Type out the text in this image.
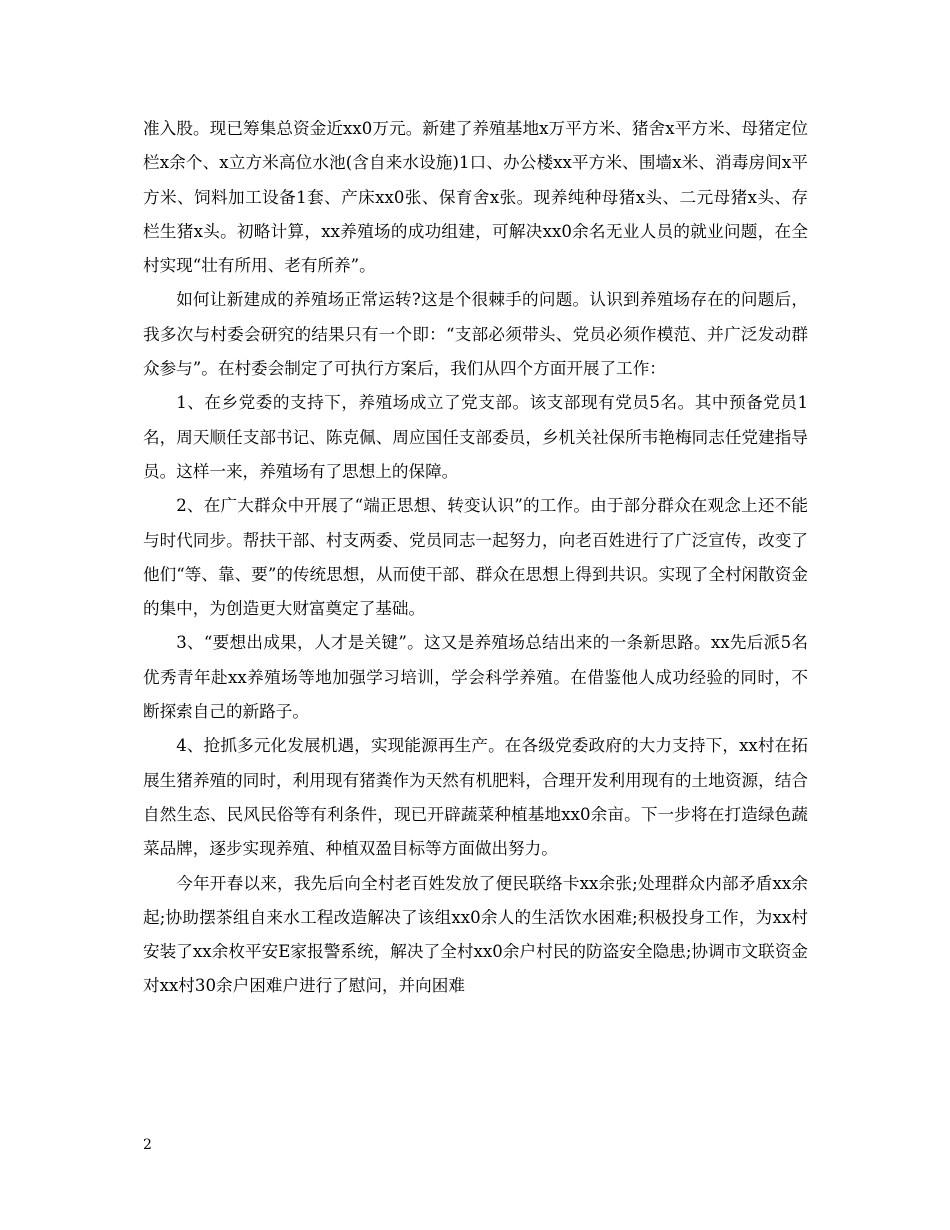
准入股。现已筹集总资金近xx0万元。新建了养殖基地x万平方米、猪舍x平方米、母猪定位栏x余个、x立方米高位水池(含自来水设施)1口、办公楼xx平方米、围墙x米、消毒房间x平方米、饲料加工设备1套、产床xx0张、保育舍x张。现养纯种母猪x头、二元母猪x头、存栏生猪x头。初略计算，xx养殖场的成功组建，可解决xx0余名无业人员的就业问题，在全村实现“壮有所用、老有所养”。

如何让新建成的养殖场正常运转?这是个很棘手的问题。认识到养殖场存在的问题后，我多次与村委会研究的结果只有一个即：“支部必须带头、党员必须作模范、并广泛发动群众参与”。在村委会制定了可执行方案后，我们从四个方面开展了工作：

1、在乡党委的支持下，养殖场成立了党支部。该支部现有党员5名。其中预备党员1名，周天顺任支部书记、陈克佩、周应国任支部委员，乡机关社保所韦艳梅同志任党建指导员。这样一来，养殖场有了思想上的保障。

2、在广大群众中开展了“端正思想、转变认识”的工作。由于部分群众在观念上还不能与时代同步。帮扶干部、村支两委、党员同志一起努力，向老百姓进行了广泛宣传，改变了他们“等、靠、要”的传统思想，从而使干部、群众在思想上得到共识。实现了全村闲散资金的集中，为创造更大财富奠定了基础。

3、“要想出成果，人才是关键”。这又是养殖场总结出来的一条新思路。xx先后派5名优秀青年赴xx养殖场等地加强学习培训，学会科学养殖。在借鉴他人成功经验的同时，不断探索自己的新路子。

4、抢抓多元化发展机遇，实现能源再生产。在各级党委政府的大力支持下，xx村在拓展生猪养殖的同时，利用现有猪粪作为天然有机肥料，合理开发利用现有的土地资源，结合自然生态、民风民俗等有利条件，现已开辟蔬菜种植基地xx0余亩。下一步将在打造绿色蔬菜品牌，逐步实现养殖、种植双盈目标等方面做出努力。

今年开春以来，我先后向全村老百姓发放了便民联络卡xx余张;处理群众内部矛盾xx余起;协助摆茶组自来水工程改造解决了该组xx0余人的生活饮水困难;积极投身工作，为xx村安装了xx余枚平安E家报警系统，解决了全村xx0余户村民的防盗安全隐患;协调市文联资金对xx村30余户困难户进行了慰问，并向困难

2
